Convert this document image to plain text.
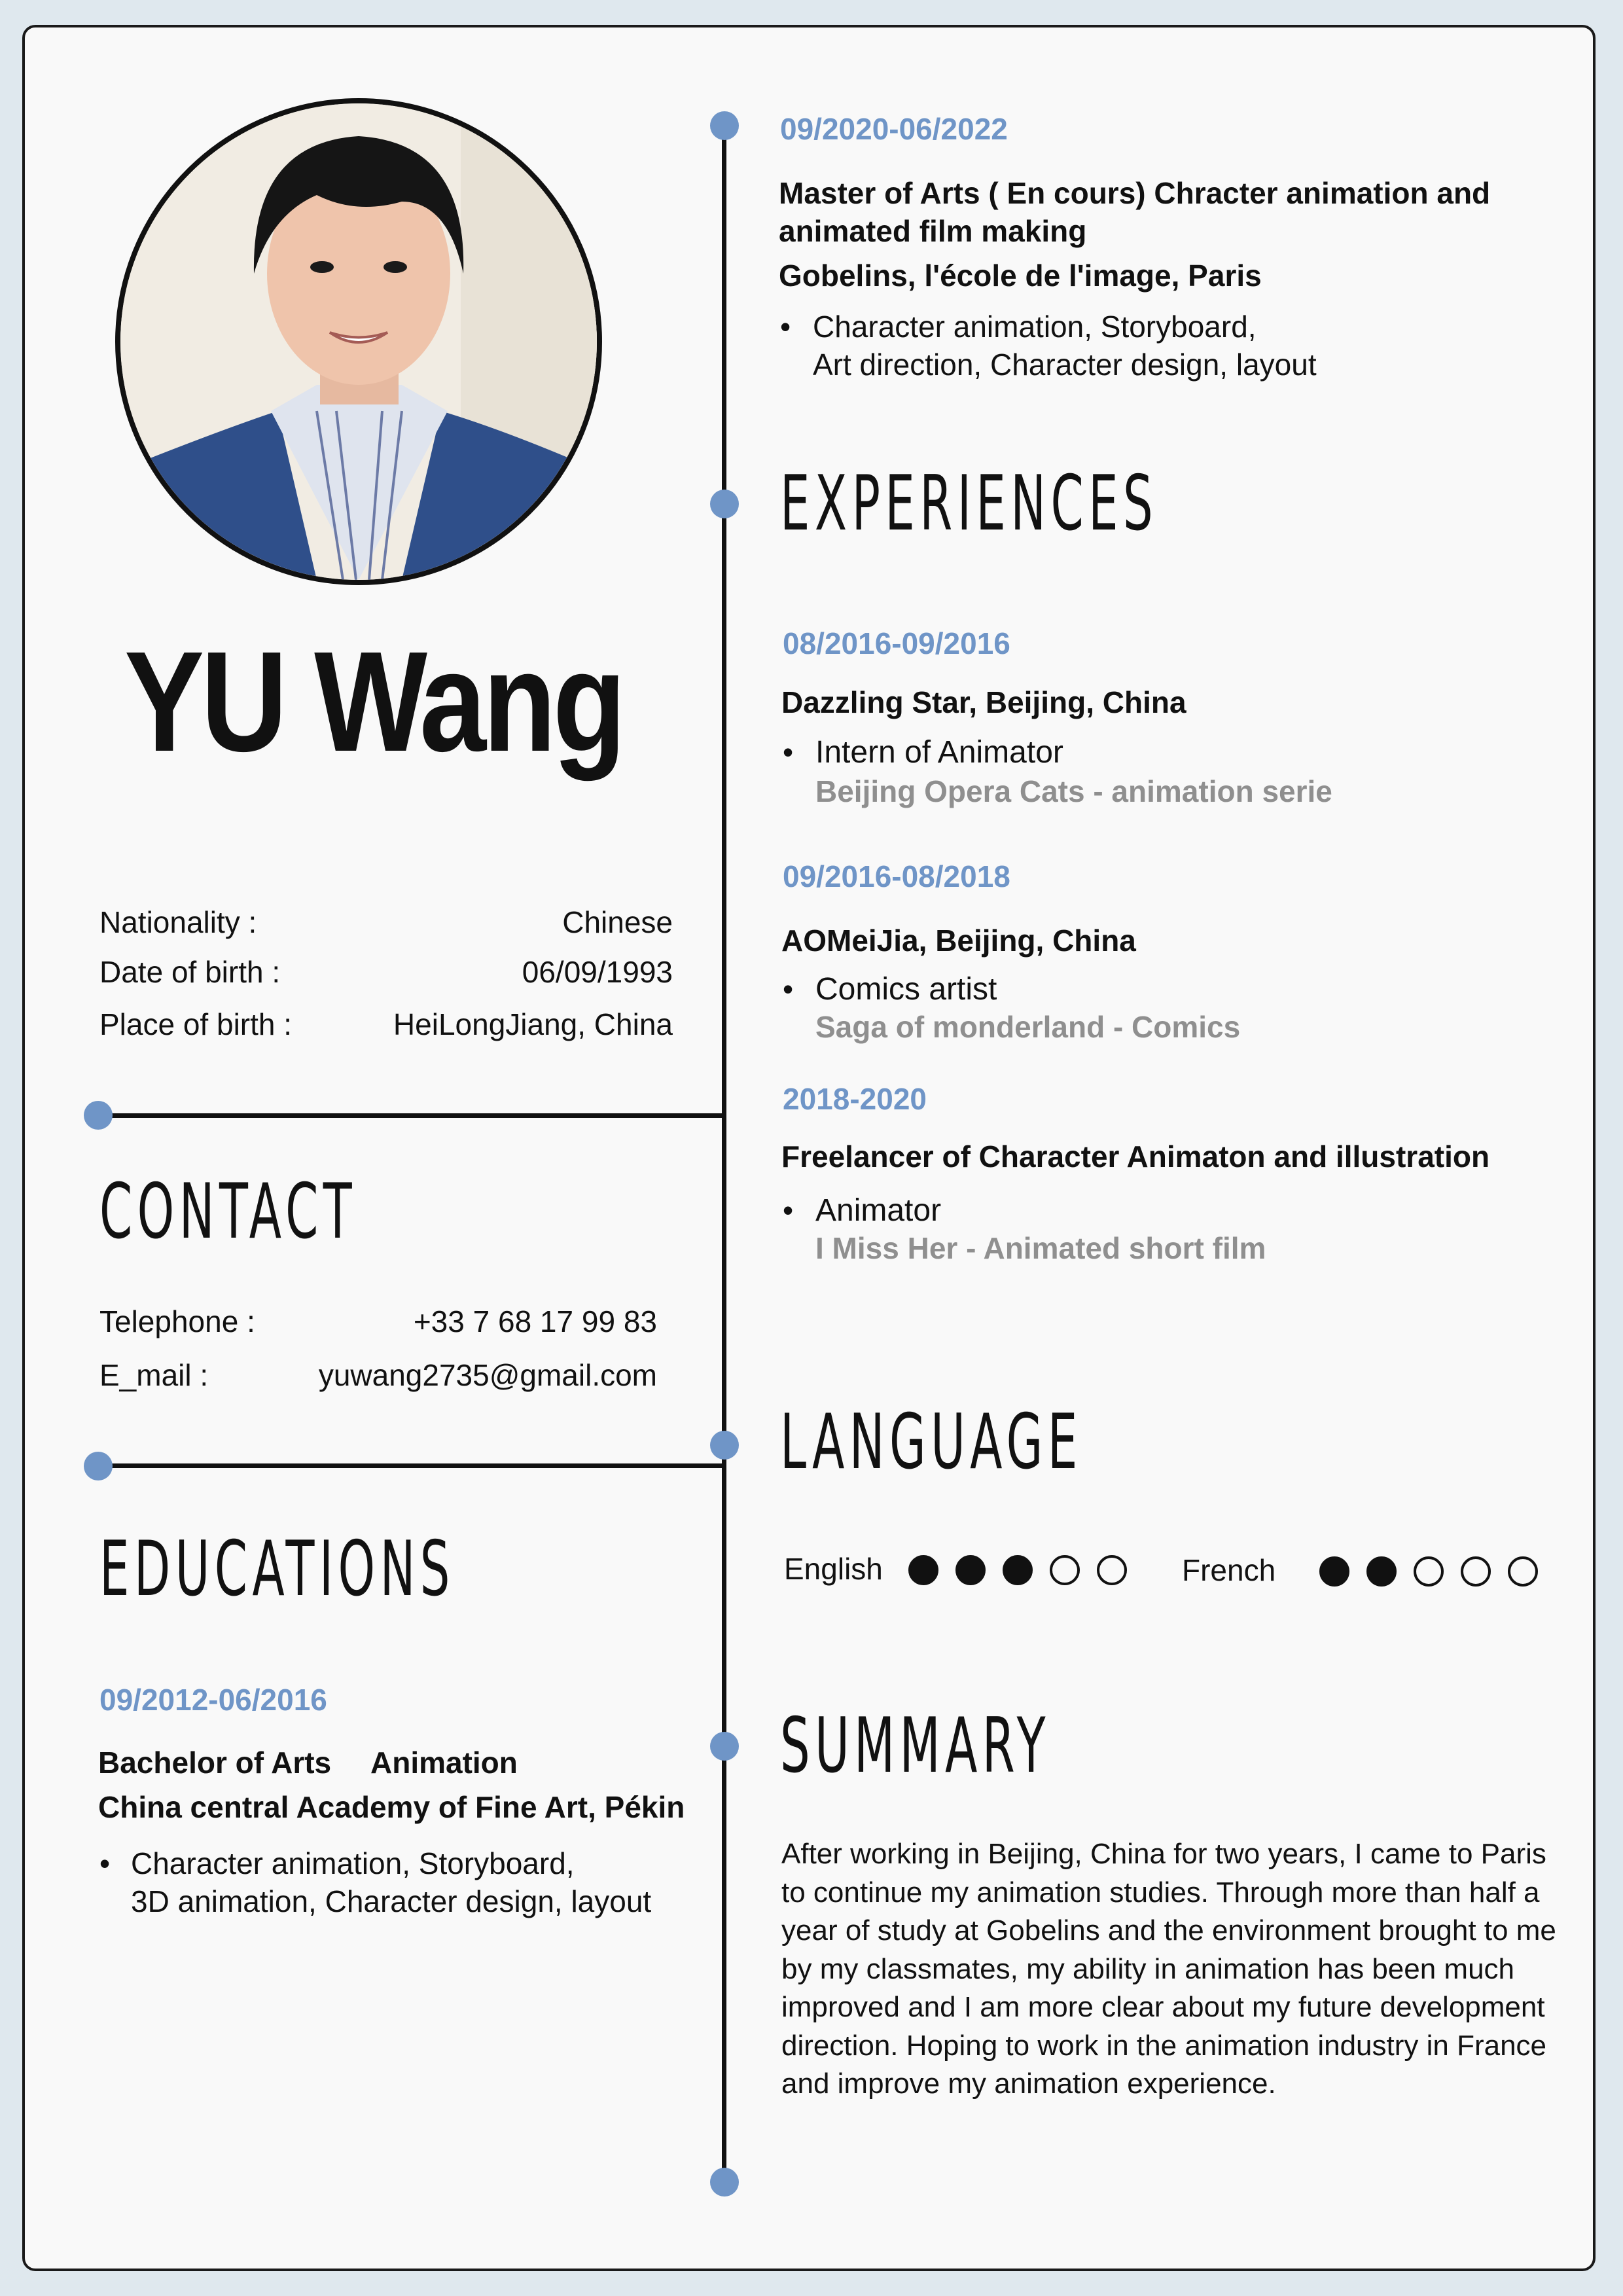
YU Wang
Nationality :	Chinese
Date of birth :	06/09/1993
Place of birth :	HeiLongJiang, China
CONTACT
Telephone :	+33 7 68 17 99 83
E_mail :	yuwang2735@gmail.com
EDUCATIONS
09/2012-06/2016
Bachelor of Arts Animation
China central Academy of Fine Art, Pékin
• Character animation, Storyboard,
3D animation, Character design, layout
09/2020-06/2022
Master of Arts ( En cours) Chracter animation and
animated film making
Gobelins, l'école de l'image, Paris
• Character animation, Storyboard,
Art direction, Character design, layout
EXPERIENCES
08/2016-09/2016
Dazzling Star, Beijing, China
• Intern of Animator
Beijing Opera Cats - animation serie
09/2016-08/2018
AOMeiJia, Beijing, China
• Comics artist
Saga of monderland - Comics
2018-2020
Freelancer of Character Animaton and illustration
• Animator
I Miss Her - Animated short film
LANGUAGE
English	French
SUMMARY
After working in Beijing, China for two years, I came to Paris to continue my animation studies. Through more than half a year of study at Gobelins and the environment brought to me by my classmates, my ability in animation has been much improved and I am more clear about my future development direction. Hoping to work in the animation industry in France and improve my animation experience.
